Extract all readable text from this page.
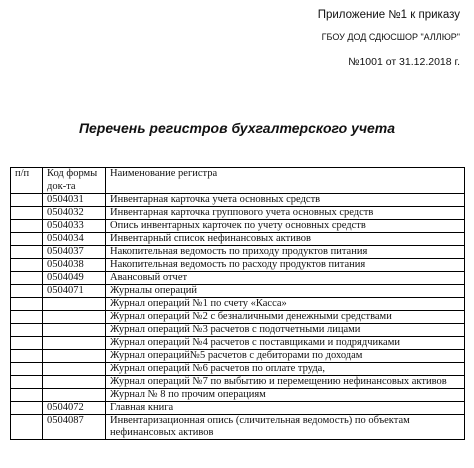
Приложение №1 к приказу

ГБОУ ДОД СДЮСШОР "АЛЛЮР"

№1001 от 31.12.2018 г.

Перечень регистров бухгалтерского учета
п/п	Код формы док-та	Наименование регистра
	0504031	Инвентарная карточка учета основных средств
	0504032	Инвентарная карточка группового учета основных средств
	0504033	Опись инвентарных карточек по учету основных средств
	0504034	Инвентарный список нефинансовых активов
	0504037	Накопительная ведомость по приходу продуктов питания
	0504038	Накопительная ведомость по расходу продуктов питания
	0504049	Авансовый отчет
	0504071	Журналы операций
		Журнал операций №1 по счету «Касса»
		Журнал операций №2 с безналичными денежными средствами
		Журнал операций №3 расчетов с подотчетными лицами
		Журнал операций №4 расчетов с поставщиками и подрядчиками
		Журнал операций№5 расчетов с дебиторами по доходам
		Журнал операций №6 расчетов по оплате труда,
		Журнал операций №7 по выбытию и перемещению нефинансовых активов
		Журнал № 8 по прочим операциям
	0504072	Главная книга
	0504087	Инвентаризационная опись (сличительная ведомость) по объектам нефинансовых активов
